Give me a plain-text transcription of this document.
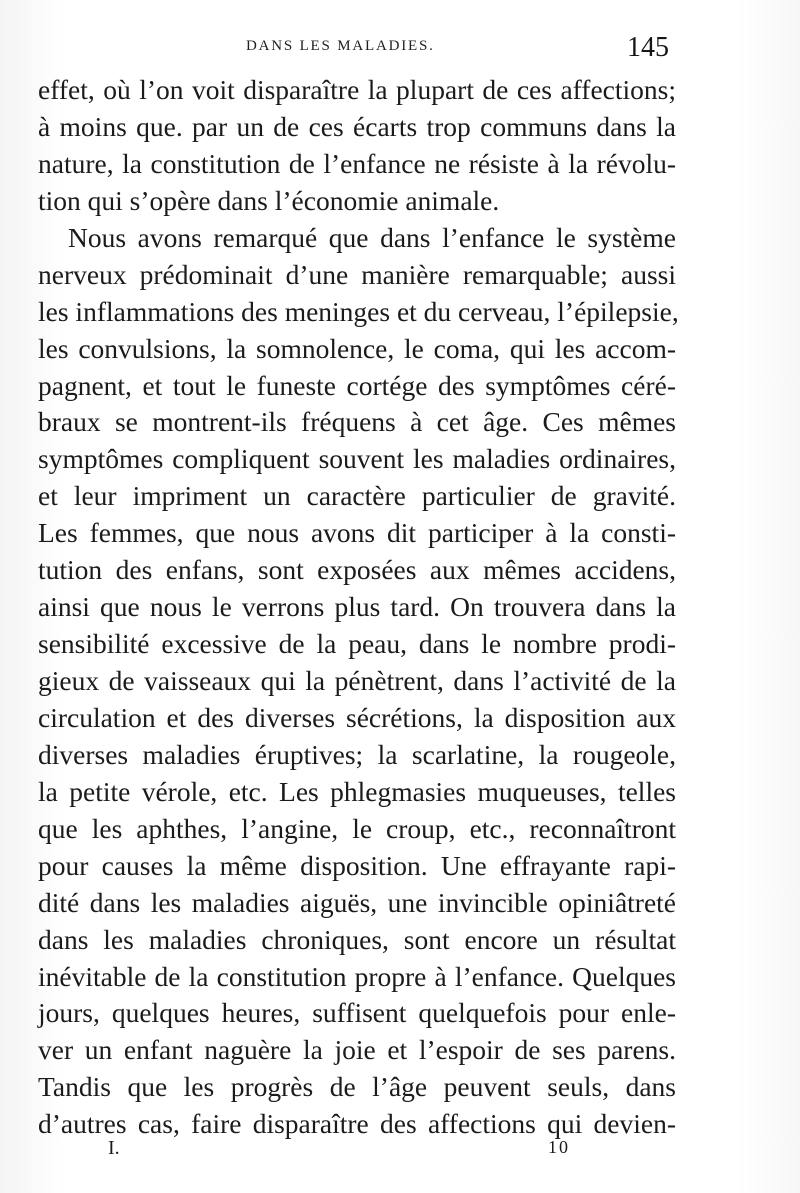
DANS LES MALADIES.	145
effet, où l’on voit disparaître la plupart de ces affections;
à moins que. par un de ces écarts trop communs dans la
nature, la constitution de l’enfance ne résiste à la révolu-
tion qui s’opère dans l’économie animale.
Nous avons remarqué que dans l’enfance le système
nerveux prédominait d’une manière remarquable; aussi
les inflammations des meninges et du cerveau, l’épilepsie,
les convulsions, la somnolence, le coma, qui les accom-
pagnent, et tout le funeste cortége des symptômes céré-
braux se montrent-ils fréquens à cet âge. Ces mêmes
symptômes compliquent souvent les maladies ordinaires,
et leur impriment un caractère particulier de gravité.
Les femmes, que nous avons dit participer à la consti-
tution des enfans, sont exposées aux mêmes accidens,
ainsi que nous le verrons plus tard. On trouvera dans la
sensibilité excessive de la peau, dans le nombre prodi-
gieux de vaisseaux qui la pénètrent, dans l’activité de la
circulation et des diverses sécrétions, la disposition aux
diverses maladies éruptives; la scarlatine, la rougeole,
la petite vérole, etc. Les phlegmasies muqueuses, telles
que les aphthes, l’angine, le croup, etc., reconnaîtront
pour causes la même disposition. Une effrayante rapi-
dité dans les maladies aiguës, une invincible opiniâtreté
dans les maladies chroniques, sont encore un résultat
inévitable de la constitution propre à l’enfance. Quelques
jours, quelques heures, suffisent quelquefois pour enle-
ver un enfant naguère la joie et l’espoir de ses parens.
Tandis que les progrès de l’âge peuvent seuls, dans
d’autres cas, faire disparaître des affections qui devien-
I.	10
